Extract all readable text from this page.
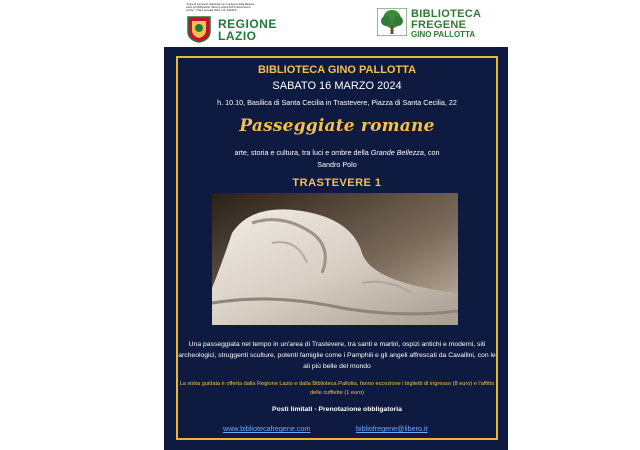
"Linea di intervento realizzata con il sostegno della Regione Lazio per Biblioteche, Musei e Istituti Archivi Ecomusei e Archivi – Piano annuale 2023, L.R. 24/2019"
REGIONE
LAZIO
BIBLIOTECA
FREGENE
GINO PALLOTTA
BIBLIOTECA GINO PALLOTTA
SABATO 16 MARZO 2024
h. 10.10, Basilica di Santa Cecilia in Trastevere, Piazza di Santa Cecilia, 22
Passeggiate romane
arte, storia e cultura, tra luci e ombre della Grande Bellezza, con
Sandro Polo
TRASTEVERE 1
Una passeggiata nel tempo in un'area di Trastevere, tra santi e martiri, ospizi antichi e moderni, siti archeologici, struggenti sculture, potenti famiglie come i Pamphili e gli angeli affrescati da Cavallini, con le ali più belle del mondo
La visita guidata è offerta dalla Regione Lazio e dalla Biblioteca Pallotta, fanno eccezione i biglietti di ingresso (8 euro) e l'affitto delle cuffiette (1 euro)
Posti limitati - Prenotazione obbligatoria
www.bibliotecafregene.com	bibliofregene@libero.it
